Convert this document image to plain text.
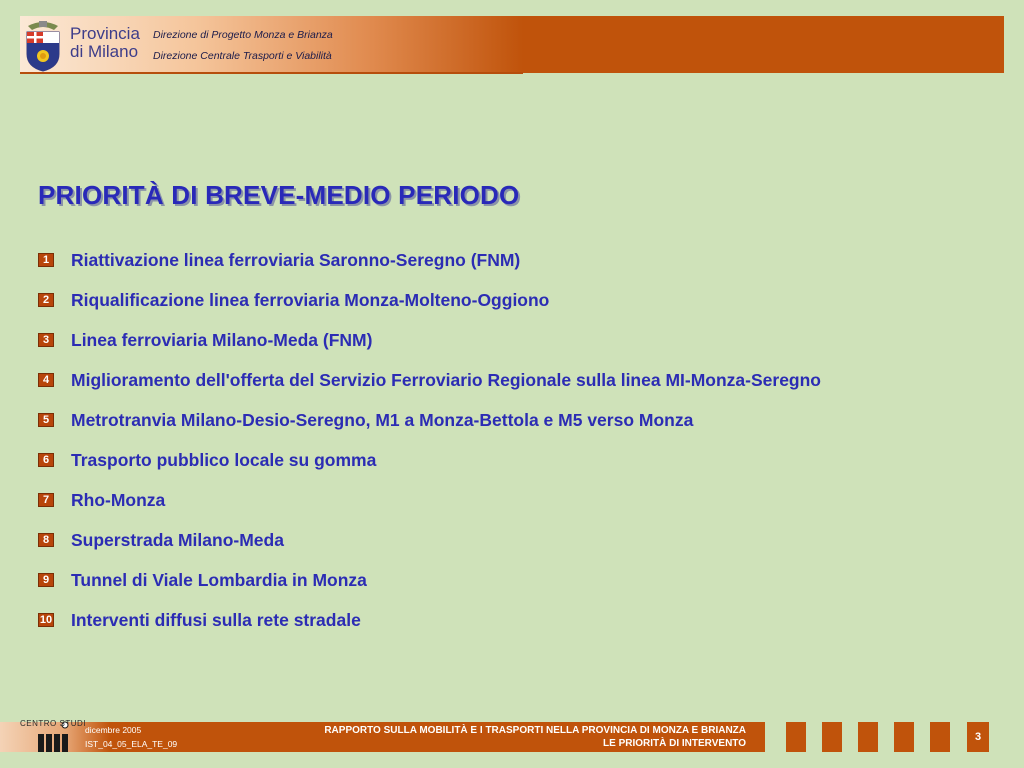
Provincia
di Milano
Direzione di Progetto Monza e Brianza
Direzione Centrale Trasporti e Viabilità
PRIORITÀ DI BREVE-MEDIO PERIODO
1 Riattivazione linea ferroviaria Saronno-Seregno (FNM)
2 Riqualificazione linea ferroviaria Monza-Molteno-Oggiono
3 Linea ferroviaria Milano-Meda (FNM)
4 Miglioramento dell'offerta del Servizio Ferroviario Regionale sulla linea MI-Monza-Seregno
5 Metrotranvia Milano-Desio-Seregno, M1 a Monza-Bettola e M5 verso Monza
6 Trasporto pubblico locale su gomma
7 Rho-Monza
8 Superstrada Milano-Meda
9 Tunnel di Viale Lombardia in Monza
10 Interventi diffusi sulla rete stradale
CENTRO STUDI
dicembre 2005
IST_04_05_ELA_TE_09
RAPPORTO SULLA MOBILITÀ E I TRASPORTI NELLA PROVINCIA DI MONZA E BRIANZA
LE PRIORITÀ DI INTERVENTO
3
